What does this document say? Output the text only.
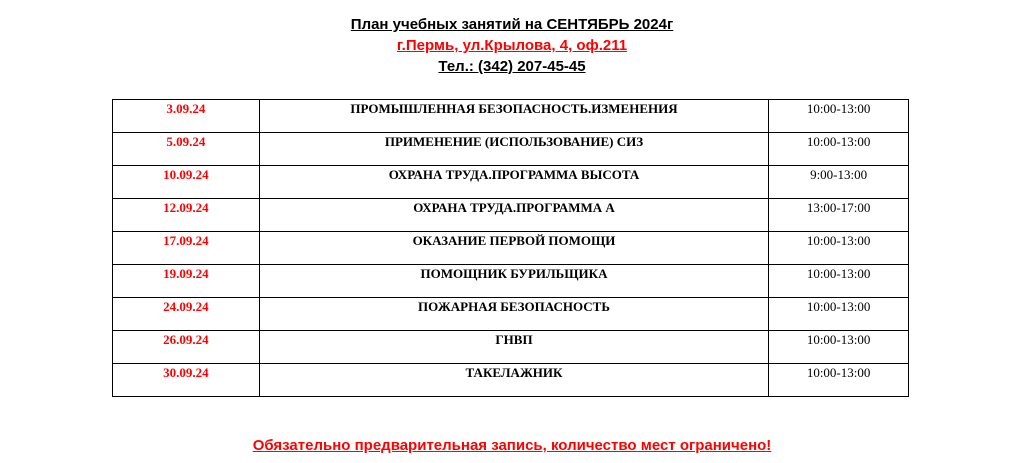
План учебных занятий на СЕНТЯБРЬ 2024г
г.Пермь, ул.Крылова, 4, оф.211
Тел.: (342) 207-45-45
3.09.24	ПРОМЫШЛЕННАЯ БЕЗОПАСНОСТЬ.ИЗМЕНЕНИЯ	10:00-13:00
5.09.24	ПРИМЕНЕНИЕ (ИСПОЛЬЗОВАНИЕ) СИЗ	10:00-13:00
10.09.24	ОХРАНА ТРУДА.ПРОГРАММА ВЫСОТА	9:00-13:00
12.09.24	ОХРАНА ТРУДА.ПРОГРАММА А	13:00-17:00
17.09.24	ОКАЗАНИЕ ПЕРВОЙ ПОМОЩИ	10:00-13:00
19.09.24	ПОМОЩНИК БУРИЛЬЩИКА	10:00-13:00
24.09.24	ПОЖАРНАЯ БЕЗОПАСНОСТЬ	10:00-13:00
26.09.24	ГНВП	10:00-13:00
30.09.24	ТАКЕЛАЖНИК	10:00-13:00
Обязательно предварительная запись, количество мест ограничено!
